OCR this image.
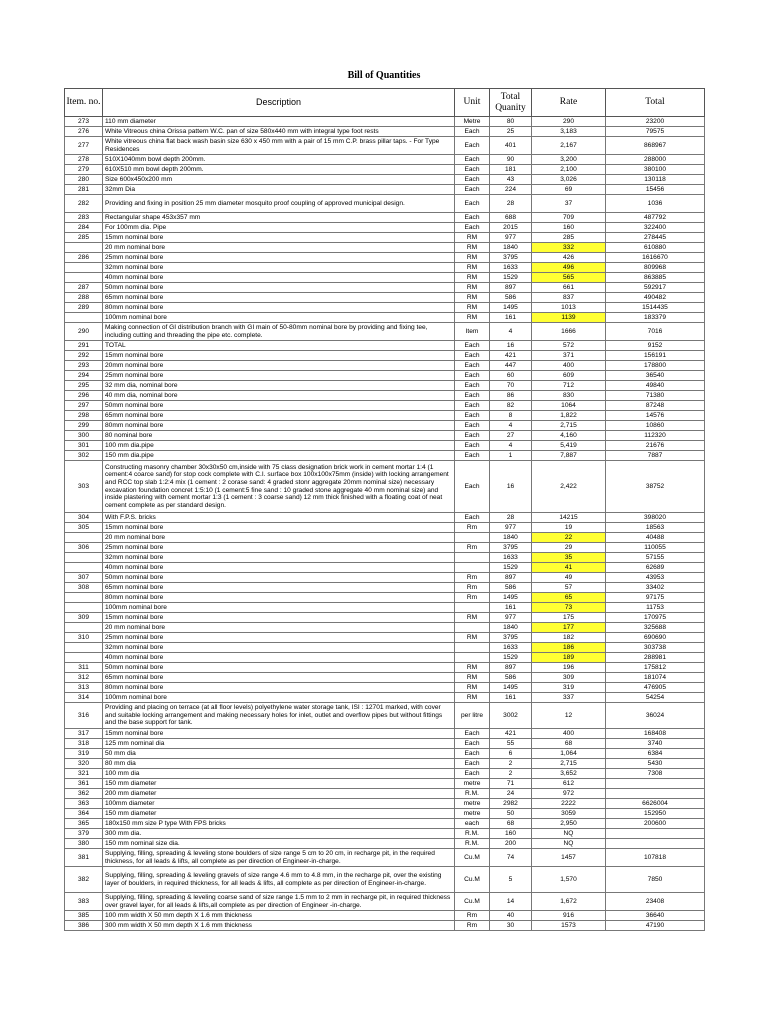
Bill of Quantities
Item. no.	Description	Unit	Total Quanity	Rate	Total
273	110 mm diameter	Metre	80	290	23200
276	White Vitreous china Orissa pattern W.C. pan of size 580x440 mm with integral type foot rests	Each	25	3,183	79575
277	White vitreous china flat back wash basin size 630 x 450 mm with a pair of 15 mm C.P. brass pillar taps. - For Type Residences	Each	401	2,167	868967
278	510X1040mm bowl depth 200mm.	Each	90	3,200	288000
279	610X510 mm bowl depth 200mm.	Each	181	2,100	380100
280	Size 600x450x200 mm	Each	43	3,026	130118
281	32mm Dia	Each	224	69	15456
282	Providing and fixing in position 25 mm diameter mosquito proof coupling of approved municipal design.	Each	28	37	1036
283	Rectangular shape 453x357 mm	Each	688	709	487792
284	For 100mm dia. Pipe	Each	2015	160	322400
285	15mm nominal bore	RM	977	285	278445
	20 mm nominal bore	RM	1840	332	610880
286	25mm nominal bore	RM	3795	426	1616670
	32mm nominal bore	RM	1633	496	809968
	40mm nominal bore	RM	1529	565	863885
287	50mm nominal bore	RM	897	661	592917
288	65mm nominal bore	RM	586	837	490482
289	80mm nominal bore	RM	1495	1013	1514435
	100mm nominal bore	RM	161	1139	183379
290	Making connection of GI distribution branch with GI main of 50-80mm nominal bore by providing and fixing tee, including cutting and threading the pipe etc. complete.	Item	4	1666	7016
291	TOTAL	Each	16	572	9152
292	15mm nominal bore	Each	421	371	156191
293	20mm nominal bore	Each	447	400	178800
294	25mm nominal bore	Each	60	609	36540
295	32 mm dia, nominal bore	Each	70	712	49840
296	40 mm dia, nominal bore	Each	86	830	71380
297	50mm nominal bore	Each	82	1064	87248
298	65mm nominal bore	Each	8	1,822	14576
299	80mm nominal bore	Each	4	2,715	10860
300	80 nominal bore	Each	27	4,160	112320
301	100 mm dia.pipe	Each	4	5,419	21676
302	150 mm dia.pipe	Each	1	7,887	7887
303	Constructing masonry chamber 30x30x50 cm,inside with 75 class designation brick work in cement mortar 1:4 (1 cement:4 coarce sand) for stop cock complete with C.I. surface box 100x100x75mm (inside) with locking arrangement and RCC top slab 1:2:4 mix (1 cement : 2 corase sand: 4 graded stonr aggregate 20mm nominal size) necessary excavation foundation concret 1:5:10 (1 cement:5 fine sand : 10 graded stone aggregate 40 mm nominal size) and inside plastering with cement mortar 1:3 (1 cement : 3 coarse sand) 12 mm thick finished with a floating coat of neat cement complete as per standard design.	Each	16	2,422	38752
304	With F.P.S. bricks	Each	28	14215	398020
305	15mm nominal bore	Rm	977	19	18563
	20 mm nominal bore		1840	22	40488
306	25mm nominal bore	Rm	3795	29	110055
	32mm nominal bore		1633	35	57155
	40mm nominal bore		1529	41	62689
307	50mm nominal bore	Rm	897	49	43953
308	65mm nominal bore	Rm	586	57	33402
	80mm nominal bore	Rm	1495	65	97175
	100mm nominal bore		161	73	11753
309	15mm nominal bore	RM	977	175	170975
	20 mm nominal bore		1840	177	325688
310	25mm nominal bore	RM	3795	182	690690
	32mm nominal bore		1633	186	303738
	40mm nominal bore		1529	189	288981
311	50mm nominal bore	RM	897	196	175812
312	65mm nominal bore	RM	586	309	181074
313	80mm nominal bore	RM	1495	319	476905
314	100mm nominal bore	RM	161	337	54254
316	Providing and placing on terrace (at all floor levels) polyethylene water storage tank, ISI : 12701 marked, with cover and suitable locking arrangement and making necessary holes for inlet, outlet and overflow pipes but without fittings and the base support for tank.	per litre	3002	12	36024
317	15mm nominal bore	Each	421	400	168408
318	125 mm nominal dia	Each	55	68	3740
319	50 mm dia	Each	6	1,064	6384
320	80 mm dia	Each	2	2,715	5430
321	100 mm dia	Each	2	3,652	7308
361	150 mm diameter	metre	71	612	
362	200 mm diameter	R.M.	24	972	
363	100mm diameter	metre	2982	2222	6626004
364	150 mm diameter	metre	50	3059	152950
365	180x150 mm size P type With FPS bricks	each	68	2,950	200600
379	300 mm dia.	R.M.	160	NQ	
380	150 mm nominal size dia.	R.M.	200	NQ	
381	Supplying, filling, spreading & leveling stone boulders of size range 5 cm to 20 cm, in recharge pit, in the required thickness, for all leads & lifts, all complete as per direction of Engineer-in-charge.	Cu.M	74	1457	107818
382	Supplying, filling, spreading & leveling gravels of size range 4.6 mm to 4.8 mm, in the recharge pit, over the existing layer of boulders, in required thickness, for all leads & lifts, all complete as per direction of Engineer-in-charge.	Cu.M	5	1,570	7850
383	Supplying, filling, spreading & leveling coarse sand of size range 1.5 mm to 2 mm in recharge pit, in required thickness over gravel layer, for all leads & lifts,all complete as per direction of Engineer -in-charge.	Cu.M	14	1,672	23408
385	100 mm width X 50 mm depth X 1.6 mm thickness	Rm	40	916	36640
386	300 mm width X 50 mm depth X 1.6 mm thickness	Rm	30	1573	47190
